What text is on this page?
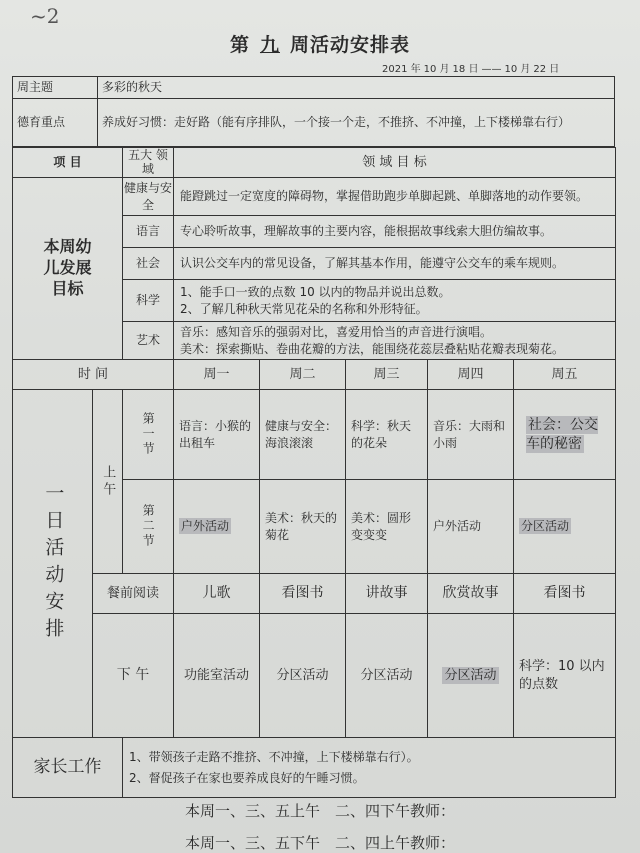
~2
第 九 周活动安排表
2021 年 10 月 18 日 —— 10 月 22 日
周主题	多彩的秋天
德育重点	养成好习惯：走好路（能有序排队，一个接一个走，不推挤、不冲撞，上下楼梯靠右行）
项 目		五大 领域	领 域 目 标				

本周幼儿发展目标		健康与安全	能蹬跳过一定宽度的障碍物，掌握借助跑步单脚起跳、单脚落地的动作要领。				
		语言	专心聆听故事，理解故事的主要内容，能根据故事线索大胆仿编故事。				
		社会	认识公交车内的常见设备，了解其基本作用，能遵守公交车的乘车规则。				
		科学	1、能手口一致的点数 10 以内的物品并说出总数。
2、了解几种秋天常见花朵的名称和外形特征。				

		艺术	音乐：感知音乐的强弱对比，喜爱用恰当的声音进行演唱。
美术：探索撕贴、卷曲花瓣的方法，能围绕花蕊层叠粘贴花瓣表现菊花。				

时 间			周一	周二	周三	周四	周五

一日活动安排	上午	第一节	语言：小猴的出租车	健康与安全：海浪滚滚	科学：秋天的花朵	音乐：大雨和小雨	社会：公交车的秘密

		第二节	户外活动	美术：秋天的菊花	美术：圆形变变变	户外活动	分区活动
	餐前阅读		儿歌	看图书	讲故事	欣赏故事	看图书
	下 午		功能室活动	分区活动	分区活动	分区活动	科学：10 以内的点数
家长工作		1、带领孩子走路不推挤、不冲撞，上下楼梯靠右行）。
2、督促孩子在家也要养成良好的午睡习惯。					
本周一、三、五上午　二、四下午教师：
本周一、三、五下午　二、四上午教师：
